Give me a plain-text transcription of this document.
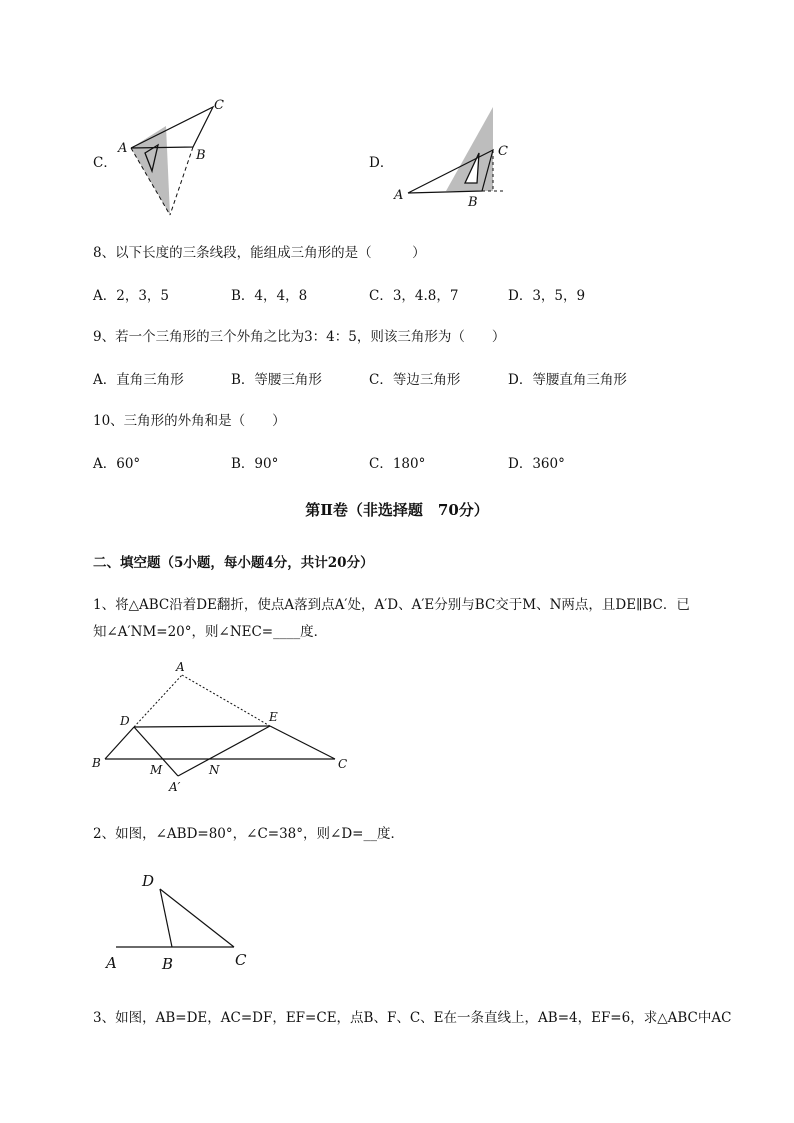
C．
A	B
C
D．
A	B
C
8、以下长度的三条线段，能组成三角形的是（　　　）
A．2，3，5	B．4，4，8	C．3，4.8，7	D．3，5，9
9、若一个三角形的三个外角之比为3：4：5，则该三角形为（　　）
A．直角三角形	B．等腰三角形	C．等边三角形	D．等腰直角三角形
10、三角形的外角和是（　　）
A．60°	B．90°	C．180°	D．360°
第Ⅱ卷（非选择题　70分）
二、填空题（5小题，每小题4分，共计20分）
1、将△ABC沿着DE翻折，使点A落到点A′处，A′D、A′E分别与BC交于M、N两点，且DE∥BC．已
知∠A′NM=20°，则∠NEC=____度．
A
D	E
B	M	N	C
A′
2、如图，∠ABD=80°，∠C=38°，则∠D=__度．
D
A	B	C
3、如图，AB=DE，AC=DF，EF=CE，点B、F、C、E在一条直线上，AB=4，EF=6，求△ABC中AC
